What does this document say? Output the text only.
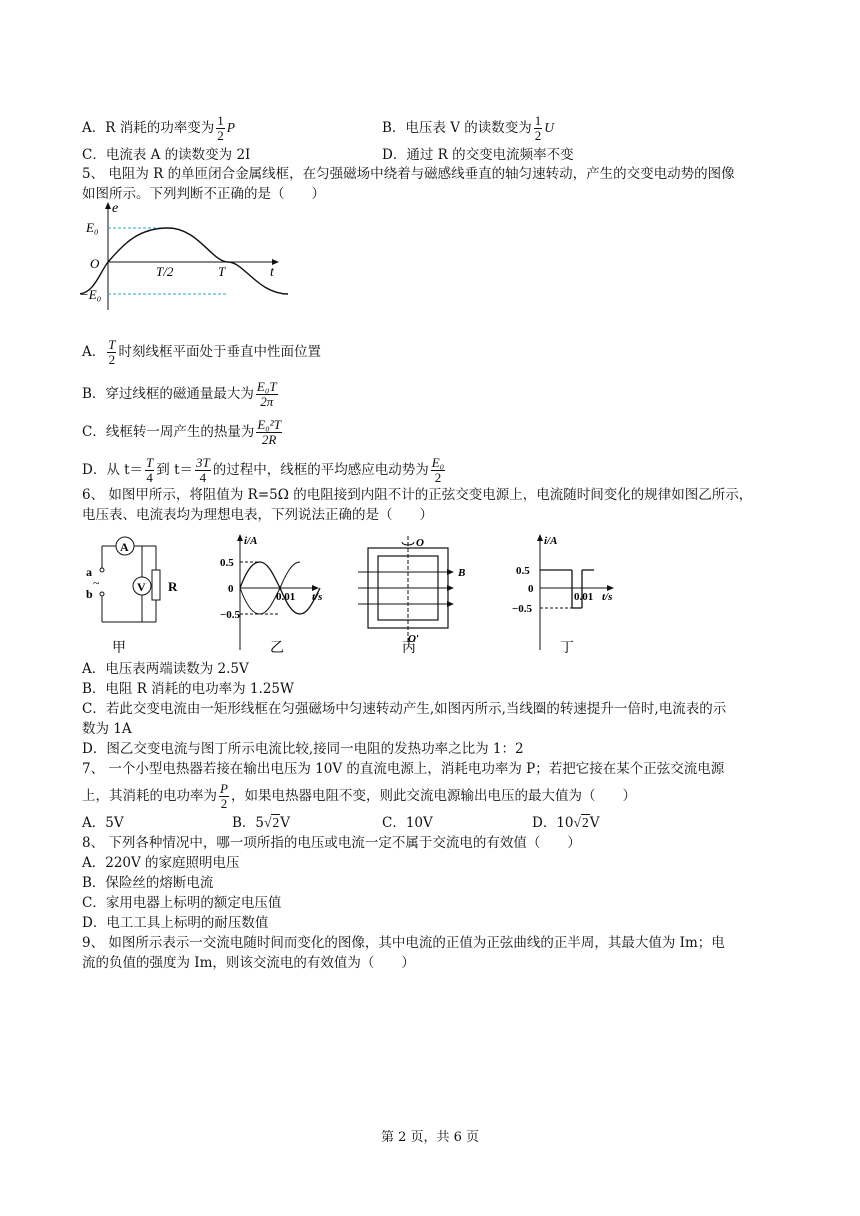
A．R 消耗的功率变为 $\frac{1}{2}$ P	B．电压表 V 的读数变为 $\frac{1}{2}$ U
C．电流表 A 的读数变为 2I	D．通过 R 的交变电流频率不变
5、 电阻为 R 的单匝闭合金属线框，在匀强磁场中绕着与磁感线垂直的轴匀速转动，产生的交变电动势的图像
如图所示。下列判断不正确的是（　　）
e
E₀
O
−E₀
T/2	T	t
A． $\frac{T}{2}$ 时刻线框平面处于垂直中性面位置
B．穿过线框的磁通量最大为 $\frac{\text{E₀T}}{2\pi}$
C．线框转一周产生的热量为 $\frac{\text{E₀²T}}{2R}$
D．从 $t= \frac{T}{4}$ 到 $t= \frac{3T}{4}$ 的过程中，线框的平均感应电动势为 $\frac{\text{E₀}}{2}$
6、 如图甲所示，将阻值为 R=5Ω 的电阻接到内阻不计的正弦交变电源上，电流随时间变化的规律如图乙所示，
电压表、电流表均为理想电表，下列说法正确的是（　　）
A
V R
a
~
b
甲
i/A
0.5
0
−0.5
0.01 t/s
乙
O
O′
B
丙
i/A
0.5
0
−0.5
0.01 t/s
丁
A．电压表两端读数为 2.5V
B．电阻 R 消耗的电功率为 1.25W
C．若此交变电流由一矩形线框在匀强磁场中匀速转动产生,如图丙所示,当线圈的转速提升一倍时,电流表的示
数为 1A
D．图乙交变电流与图丁所示电流比较,接同一电阻的发热功率之比为 1：2
7、 一个小型电热器若接在输出电压为 10V 的直流电源上，消耗电功率为 P；若把它接在某个正弦交流电源
上，其消耗的电功率为 $\frac{P}{2}$ ，如果电热器电阻不变，则此交流电源输出电压的最大值为（　　）
A．5V	B．5√2V	C．10V	D．10√2V
8、 下列各种情况中，哪一项所指的电压或电流一定不属于交流电的有效值（　　）
A．220V 的家庭照明电压
B．保险丝的熔断电流
C．家用电器上标明的额定电压值
D．电工工具上标明的耐压数值
9、 如图所示表示一交流电随时间而变化的图像，其中电流的正值为正弦曲线的正半周，其最大值为 Im；电
流的负值的强度为 Im，则该交流电的有效值为（　　）
第 2 页，共 6 页
